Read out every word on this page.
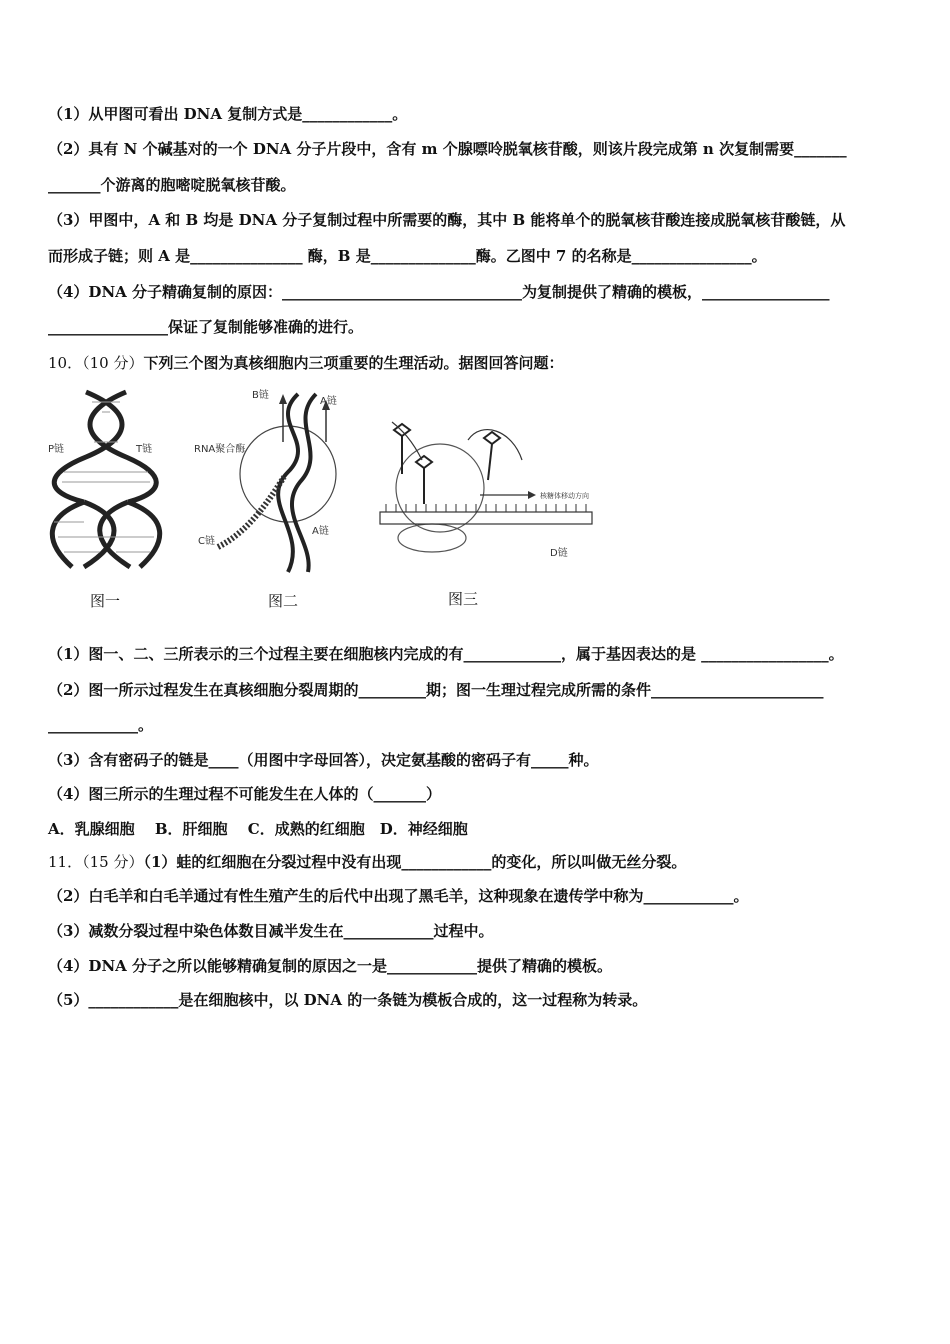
（1）从甲图可看出 DNA 复制方式是____________。
（2）具有 N 个碱基对的一个 DNA 分子片段中，含有 m 个腺嘌呤脱氧核苷酸，则该片段完成第 n 次复制需要_______
_______个游离的胞嘧啶脱氧核苷酸。
（3）甲图中，A 和 B 均是 DNA 分子复制过程中所需要的酶，其中 B 能将单个的脱氧核苷酸连接成脱氧核苷酸链，从
而形成子链；则 A 是_______________ 酶，B 是______________酶。乙图中 7 的名称是________________。
（4）DNA 分子精确复制的原因：________________________________为复制提供了精确的模板，_________________
________________保证了复制能够准确的进行。
10．（10 分）下列三个图为真核细胞内三项重要的生理活动。据图回答问题：
P链	T链
图一
B链
A链
RNA聚合酶
C链
A链
图二
核糖体移动方向
D链
图三
（1）图一、二、三所表示的三个过程主要在细胞核内完成的有_____________，属于基因表达的是 _________________。
（2）图一所示过程发生在真核细胞分裂周期的_________期；图一生理过程完成所需的条件_______________________
____________。
（3）含有密码子的链是____（用图中字母回答），决定氨基酸的密码子有_____种。
（4）图三所示的生理过程不可能发生在人体的（_______）
A．乳腺细胞　 B．肝细胞　 C．成熟的红细胞　D．神经细胞
11．（15 分）（1）蛙的红细胞在分裂过程中没有出现____________的变化，所以叫做无丝分裂。
（2）白毛羊和白毛羊通过有性生殖产生的后代中出现了黑毛羊，这种现象在遗传学中称为____________。
（3）减数分裂过程中染色体数目减半发生在____________过程中。
（4）DNA 分子之所以能够精确复制的原因之一是____________提供了精确的模板。
（5）____________是在细胞核中，以 DNA 的一条链为模板合成的，这一过程称为转录。
